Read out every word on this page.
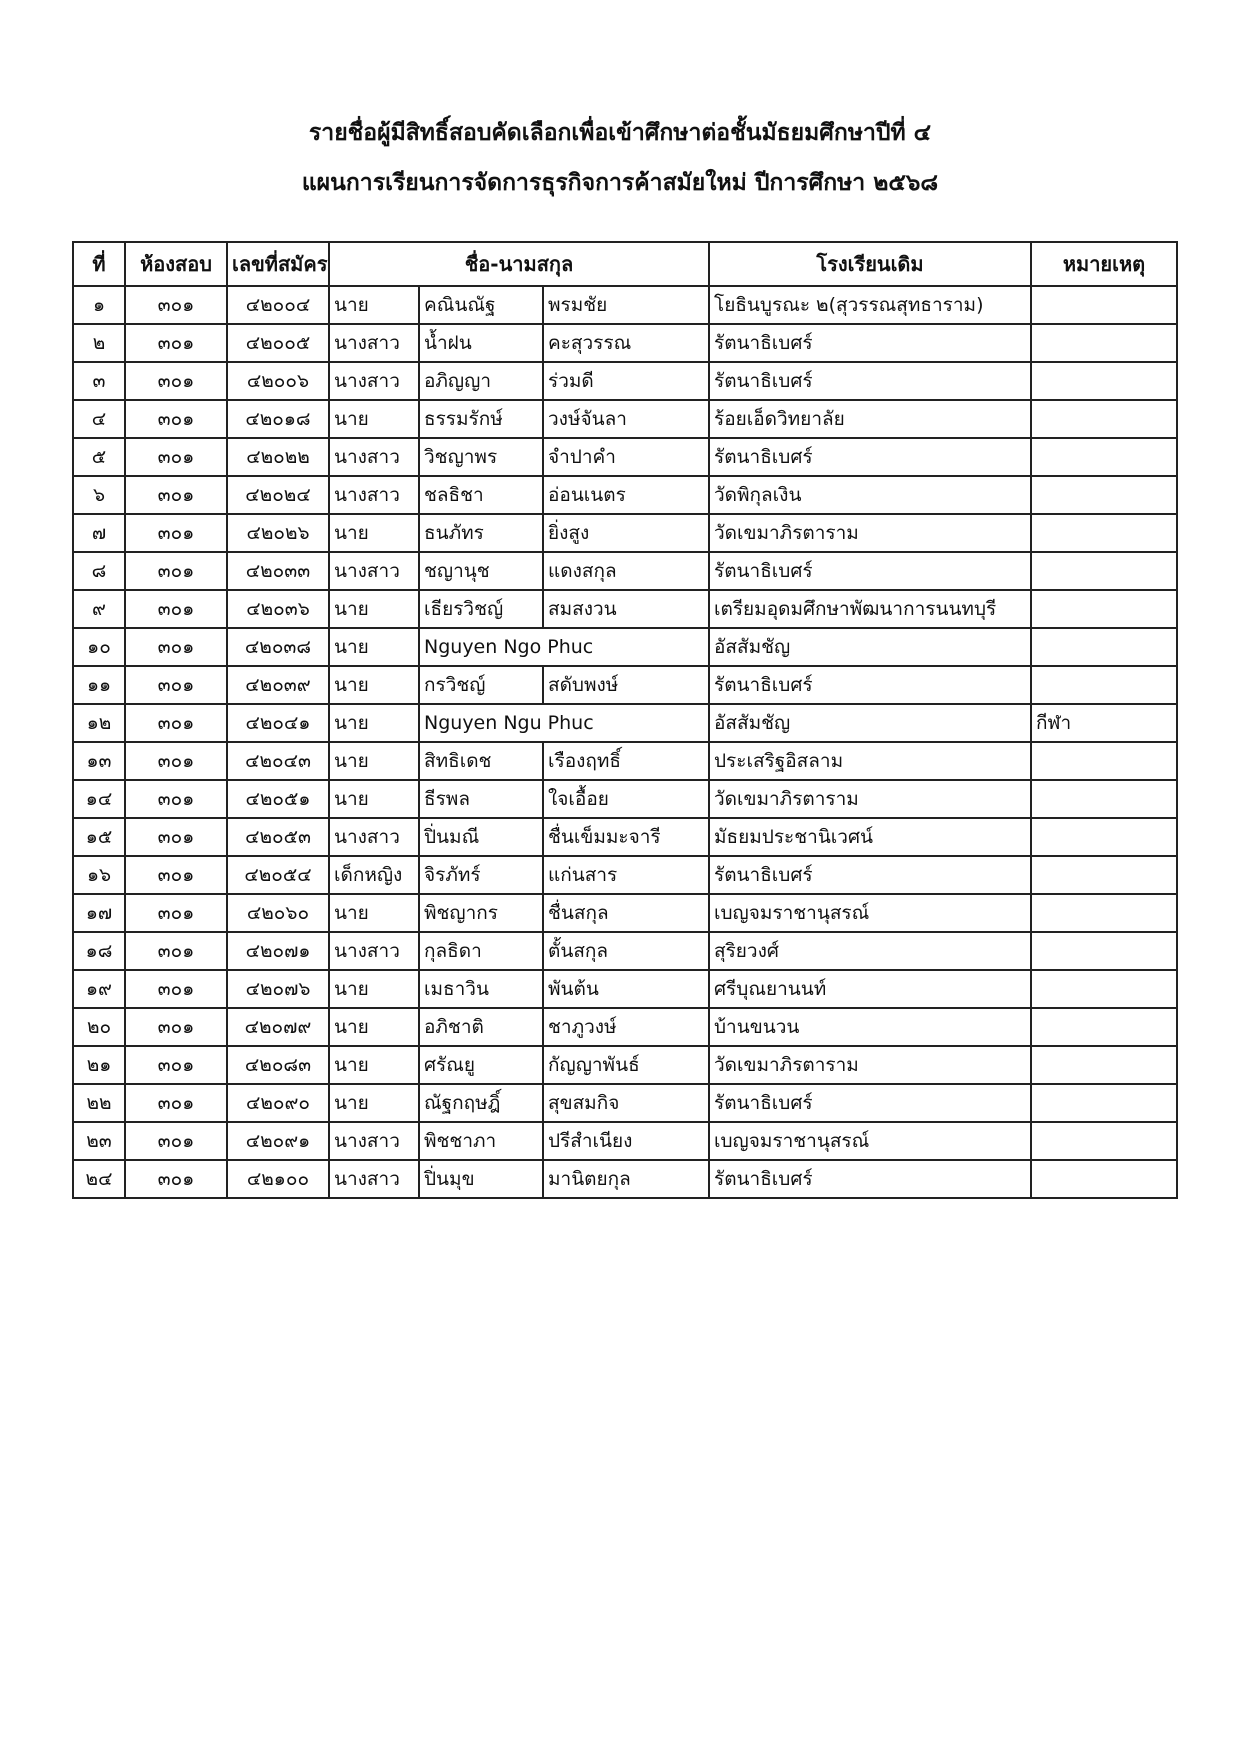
รายชื่อผู้มีสิทธิ์สอบคัดเลือกเพื่อเข้าศึกษาต่อชั้นมัธยมศึกษาปีที่ ๔
แผนการเรียนการจัดการธุรกิจการค้าสมัยใหม่ ปีการศึกษา ๒๕๖๘
ที่	ห้องสอบ	เลขที่สมัคร	ชื่อ-นามสกุล			โรงเรียนเดิม	หมายเหตุ
๑	๓๐๑	๔๒๐๐๔	นาย	คณินณัฐ	พรมชัย	โยธินบูรณะ ๒(สุวรรณสุทธาราม)	
๒	๓๐๑	๔๒๐๐๕	นางสาว	น้ำฝน	คะสุวรรณ	รัตนาธิเบศร์	
๓	๓๐๑	๔๒๐๐๖	นางสาว	อภิญญา	ร่วมดี	รัตนาธิเบศร์	
๔	๓๐๑	๔๒๐๑๘	นาย	ธรรมรักษ์	วงษ์จันลา	ร้อยเอ็ดวิทยาลัย	
๕	๓๐๑	๔๒๐๒๒	นางสาว	วิชญาพร	จำปาคำ	รัตนาธิเบศร์	
๖	๓๐๑	๔๒๐๒๔	นางสาว	ชลธิชา	อ่อนเนตร	วัดพิกุลเงิน	
๗	๓๐๑	๔๒๐๒๖	นาย	ธนภัทร	ยิ่งสูง	วัดเขมาภิรตาราม	
๘	๓๐๑	๔๒๐๓๓	นางสาว	ชญานุช	แดงสกุล	รัตนาธิเบศร์	
๙	๓๐๑	๔๒๐๓๖	นาย	เธียรวิชญ์	สมสงวน	เตรียมอุดมศึกษาพัฒนาการนนทบุรี	
๑๐	๓๐๑	๔๒๐๓๘	นาย	Nguyen Ngo Phuc		อัสสัมชัญ	
๑๑	๓๐๑	๔๒๐๓๙	นาย	กรวิชญ์	สดับพงษ์	รัตนาธิเบศร์	
๑๒	๓๐๑	๔๒๐๔๑	นาย	Nguyen Ngu Phuc		อัสสัมชัญ	กีฬา
๑๓	๓๐๑	๔๒๐๔๓	นาย	สิทธิเดช	เรืองฤทธิ์	ประเสริฐอิสลาม	
๑๔	๓๐๑	๔๒๐๕๑	นาย	ธีรพล	ใจเอื้อย	วัดเขมาภิรตาราม	
๑๕	๓๐๑	๔๒๐๕๓	นางสาว	ปิ่นมณี	ชื่นเข็มมะจารี	มัธยมประชานิเวศน์	
๑๖	๓๐๑	๔๒๐๕๔	เด็กหญิง	จิรภัทร์	แก่นสาร	รัตนาธิเบศร์	
๑๗	๓๐๑	๔๒๐๖๐	นาย	พิชญากร	ชื่นสกุล	เบญจมราชานุสรณ์	
๑๘	๓๐๑	๔๒๐๗๑	นางสาว	กุลธิดา	ตั้นสกุล	สุริยวงศ์	
๑๙	๓๐๑	๔๒๐๗๖	นาย	เมธาวิน	พันต้น	ศรีบุณยานนท์	
๒๐	๓๐๑	๔๒๐๗๙	นาย	อภิชาติ	ชาภูวงษ์	บ้านขนวน	
๒๑	๓๐๑	๔๒๐๘๓	นาย	ศรัณยู	กัญญาพันธ์	วัดเขมาภิรตาราม	
๒๒	๓๐๑	๔๒๐๙๐	นาย	ณัฐกฤษฎิ์	สุขสมกิจ	รัตนาธิเบศร์	
๒๓	๓๐๑	๔๒๐๙๑	นางสาว	พิชชาภา	ปรีสำเนียง	เบญจมราชานุสรณ์	
๒๔	๓๐๑	๔๒๑๐๐	นางสาว	ปิ่นมุข	มานิตยกุล	รัตนาธิเบศร์	
